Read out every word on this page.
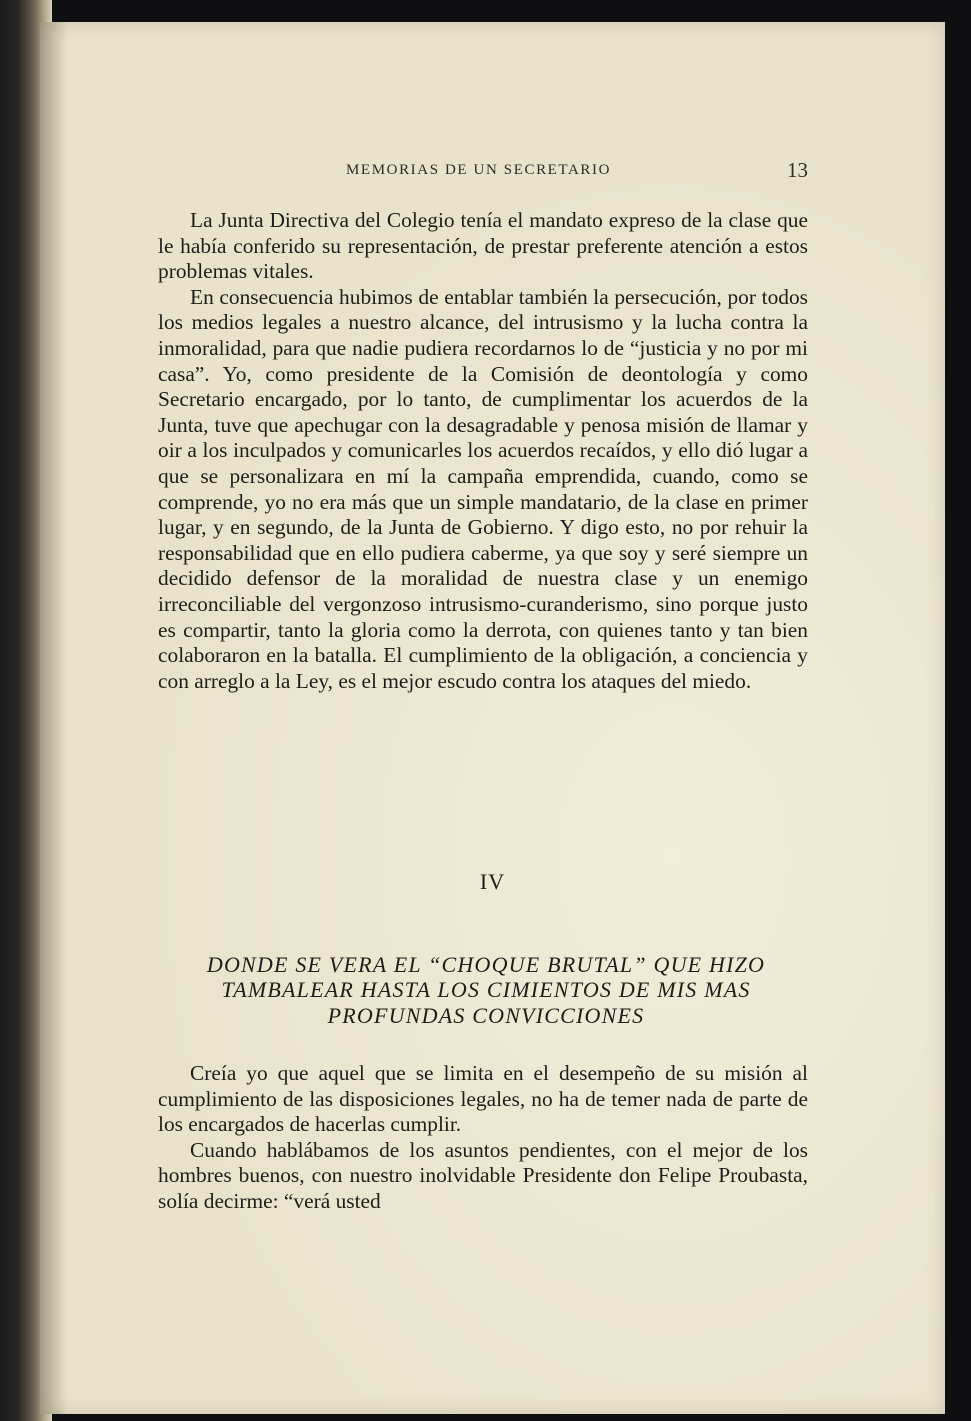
MEMORIAS DE UN SECRETARIO	13

La Junta Directiva del Colegio tenía el mandato expreso de la clase que le había conferido su representación, de prestar preferente atención a estos problemas vitales.

En consecuencia hubimos de entablar también la persecución, por todos los medios legales a nuestro alcance, del intrusismo y la lucha contra la inmoralidad, para que nadie pudiera recordarnos lo de “justicia y no por mi casa”. Yo, como presidente de la Comisión de deontología y como Secretario encargado, por lo tanto, de cumplimentar los acuerdos de la Junta, tuve que apechugar con la desagradable y penosa misión de llamar y oir a los inculpados y comunicarles los acuerdos recaídos, y ello dió lugar a que se personalizara en mí la campaña emprendida, cuando, como se comprende, yo no era más que un simple mandatario, de la clase en primer lugar, y en segundo, de la Junta de Gobierno. Y digo esto, no por rehuir la responsabilidad que en ello pudiera caberme, ya que soy y seré siempre un decidido defensor de la moralidad de nuestra clase y un enemigo irreconciliable del vergonzoso intrusismo-curanderismo, sino porque justo es compartir, tanto la gloria como la derrota, con quienes tanto y tan bien colaboraron en la batalla. El cumplimiento de la obligación, a conciencia y con arreglo a la Ley, es el mejor escudo contra los ataques del miedo.

IV
DONDE SE VERA EL “CHOQUE BRUTAL” QUE HIZO
TAMBALEAR HASTA LOS CIMIENTOS DE MIS MAS
PROFUNDAS CONVICCIONES

Creía yo que aquel que se limita en el desempeño de su misión al cumplimiento de las disposiciones legales, no ha de temer nada de parte de los encargados de hacerlas cumplir.

Cuando hablábamos de los asuntos pendientes, con el mejor de los hombres buenos, con nuestro inolvidable Presidente don Felipe Proubasta, solía decirme: “verá usted
